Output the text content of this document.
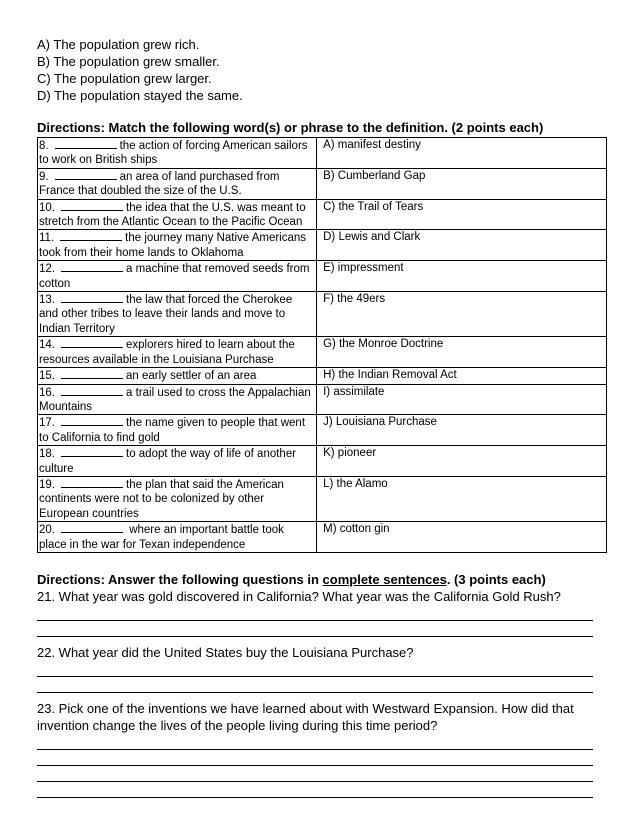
A) The population grew rich.
B) The population grew smaller.
C) The population grew larger.
D) The population stayed the same.
Directions: Match the following word(s) or phrase to the definition. (2 points each)
8. the action of forcing American sailors to work on British ships	A) manifest destiny
9. an area of land purchased from France that doubled the size of the U.S.	B) Cumberland Gap
10. the idea that the U.S. was meant to stretch from the Atlantic Ocean to the Pacific Ocean	C) the Trail of Tears
11. the journey many Native Americans took from their home lands to Oklahoma	D) Lewis and Clark
12. a machine that removed seeds from cotton	E) impressment
13. the law that forced the Cherokee and other tribes to leave their lands and move to Indian Territory	F) the 49ers
14. explorers hired to learn about the resources available in the Louisiana Purchase	G) the Monroe Doctrine
15. an early settler of an area	H) the Indian Removal Act
16. a trail used to cross the Appalachian Mountains	I) assimilate
17. the name given to people that went to California to find gold	J) Louisiana Purchase
18. to adopt the way of life of another culture	K) pioneer
19. the plan that said the American continents were not to be colonized by other European countries	L) the Alamo
20. where an important battle took place in the war for Texan independence	M) cotton gin
Directions: Answer the following questions in complete sentences. (3 points each)
21. What year was gold discovered in California? What year was the California Gold Rush?
22. What year did the United States buy the Louisiana Purchase?
23. Pick one of the inventions we have learned about with Westward Expansion. How did that invention change the lives of the people living during this time period?
